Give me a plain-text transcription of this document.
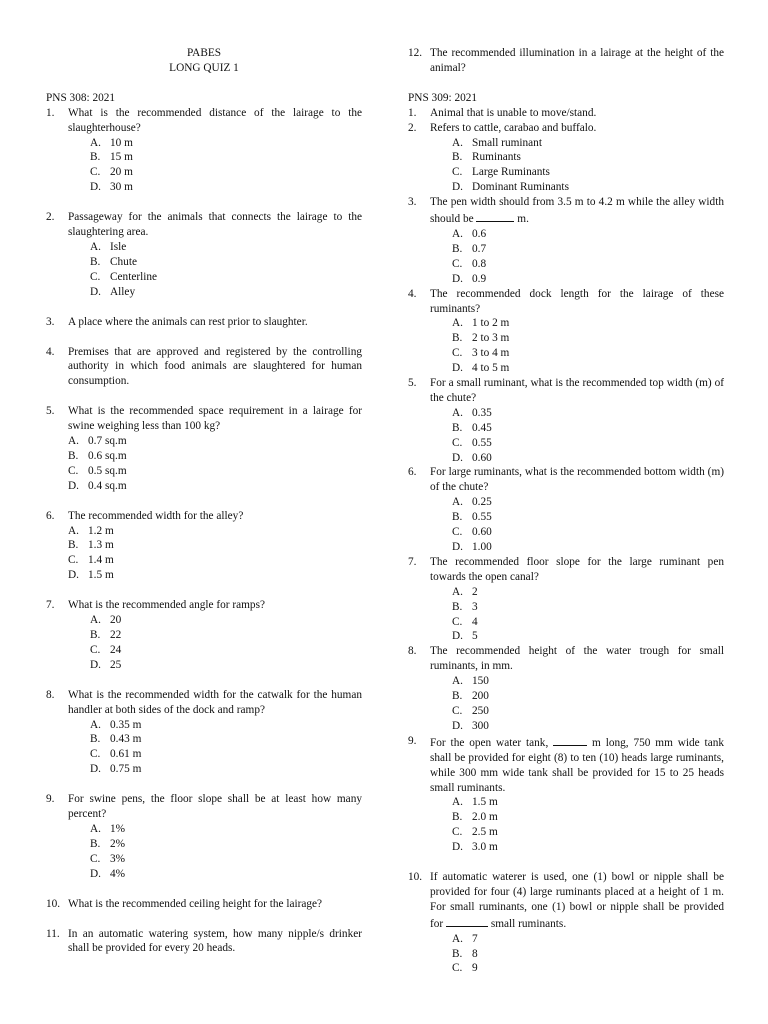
PABES
LONG QUIZ 1
PNS 308: 2021
1.	What is the recommended distance of the lairage to the slaughterhouse?
A. 10 m
B. 15 m
C. 20 m
D. 30 m
2.	Passageway for the animals that connects the lairage to the slaughtering area.
A. Isle
B. Chute
C. Centerline
D. Alley
3.	A place where the animals can rest prior to slaughter.
4.	Premises that are approved and registered by the controlling authority in which food animals are slaughtered for human consumption.
5.	What is the recommended space requirement in a lairage for swine weighing less than 100 kg?
A. 0.7 sq.m
B. 0.6 sq.m
C. 0.5 sq.m
D. 0.4 sq.m
6.	The recommended width for the alley?
A. 1.2 m
B. 1.3 m
C. 1.4 m
D. 1.5 m
7.	What is the recommended angle for ramps?
A. 20
B. 22
C. 24
D. 25
8.	What is the recommended width for the catwalk for the human handler at both sides of the dock and ramp?
A. 0.35 m
B. 0.43 m
C. 0.61 m
D. 0.75 m
9.	For swine pens, the floor slope shall be at least how many percent?
A. 1%
B. 2%
C. 3%
D. 4%
10. What is the recommended ceiling height for the lairage?
11. In an automatic watering system, how many nipple/s drinker shall be provided for every 20 heads.
12. The recommended illumination in a lairage at the height of the animal?
PNS 309: 2021
1.	Animal that is unable to move/stand.
2.	Refers to cattle, carabao and buffalo.
A. Small ruminant
B. Ruminants
C. Large Ruminants
D. Dominant Ruminants
3.	The pen width should from 3.5 m to 4.2 m while the alley width should be	m.
A. 0.6
B. 0.7
C. 0.8
D. 0.9
4.	The recommended dock length for the lairage of these ruminants?
A. 1 to 2 m
B. 2 to 3 m
C. 3 to 4 m
D. 4 to 5 m
5.	For a small ruminant, what is the recommended top width (m) of the chute?
A. 0.35
B. 0.45
C. 0.55
D. 0.60
6.	For large ruminants, what is the recommended bottom width (m) of the chute?
A. 0.25
B. 0.55
C. 0.60
D. 1.00
7.	The recommended floor slope for the large ruminant pen towards the open canal?
A. 2
B. 3
C. 4
D. 5
8.	The recommended height of the water trough for small ruminants, in mm.
A. 150
B. 200
C. 250
D. 300
9.	For the open water tank,	m long, 750 mm wide tank shall be provided for eight (8) to ten (10) heads large ruminants, while 300 mm wide tank shall be provided for 15 to 25 heads small ruminants.
A. 1.5 m
B. 2.0 m
C. 2.5 m
D. 3.0 m
10. If automatic waterer is used, one (1) bowl or nipple shall be provided for four (4) large ruminants placed at a height of 1 m. For small ruminants, one (1) bowl or nipple shall be provided for	small ruminants.
A. 7
B. 8
C. 9
